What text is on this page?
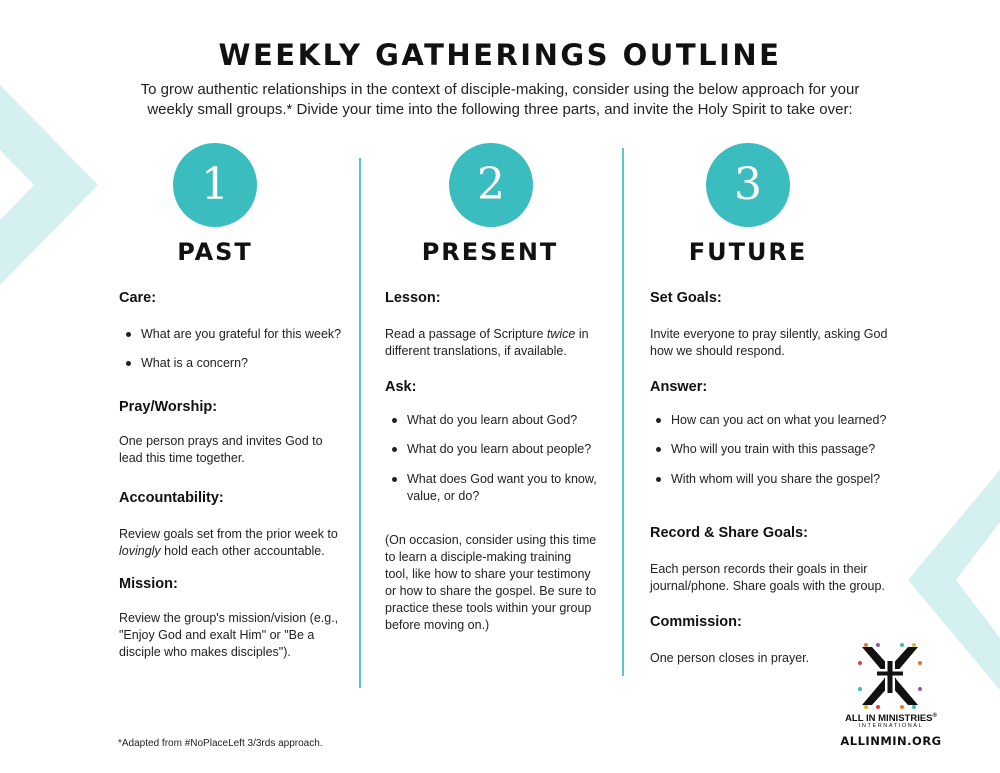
WEEKLY GATHERINGS OUTLINE
To grow authentic relationships in the context of disciple-making, consider using the below approach for your weekly small groups.* Divide your time into the following three parts, and invite the Holy Spirit to take over:
1
PAST
Care:
What are you grateful for this week?
What is a concern?
Pray/Worship:
One person prays and invites God to lead this time together.
Accountability:
Review goals set from the prior week to lovingly hold each other accountable.
Mission:
Review the group's mission/vision (e.g., "Enjoy God and exalt Him" or "Be a disciple who makes disciples").
2
PRESENT
Lesson:
Read a passage of Scripture twice in different translations, if available.
Ask:
What do you learn about God?
What do you learn about people?
What does God want you to know, value, or do?
(On occasion, consider using this time to learn a disciple-making training tool, like how to share your testimony or how to share the gospel. Be sure to practice these tools within your group before moving on.)
3
FUTURE
Set Goals:
Invite everyone to pray silently, asking God how we should respond.
Answer:
How can you act on what you learned?
Who will you train with this passage?
With whom will you share the gospel?
Record & Share Goals:
Each person records their goals in their journal/phone. Share goals with the group.
Commission:
One person closes in prayer.
*Adapted from #NoPlaceLeft 3/3rds approach.
ALL IN MINISTRIES®
INTERNATIONAL
ALLINMIN.ORG
